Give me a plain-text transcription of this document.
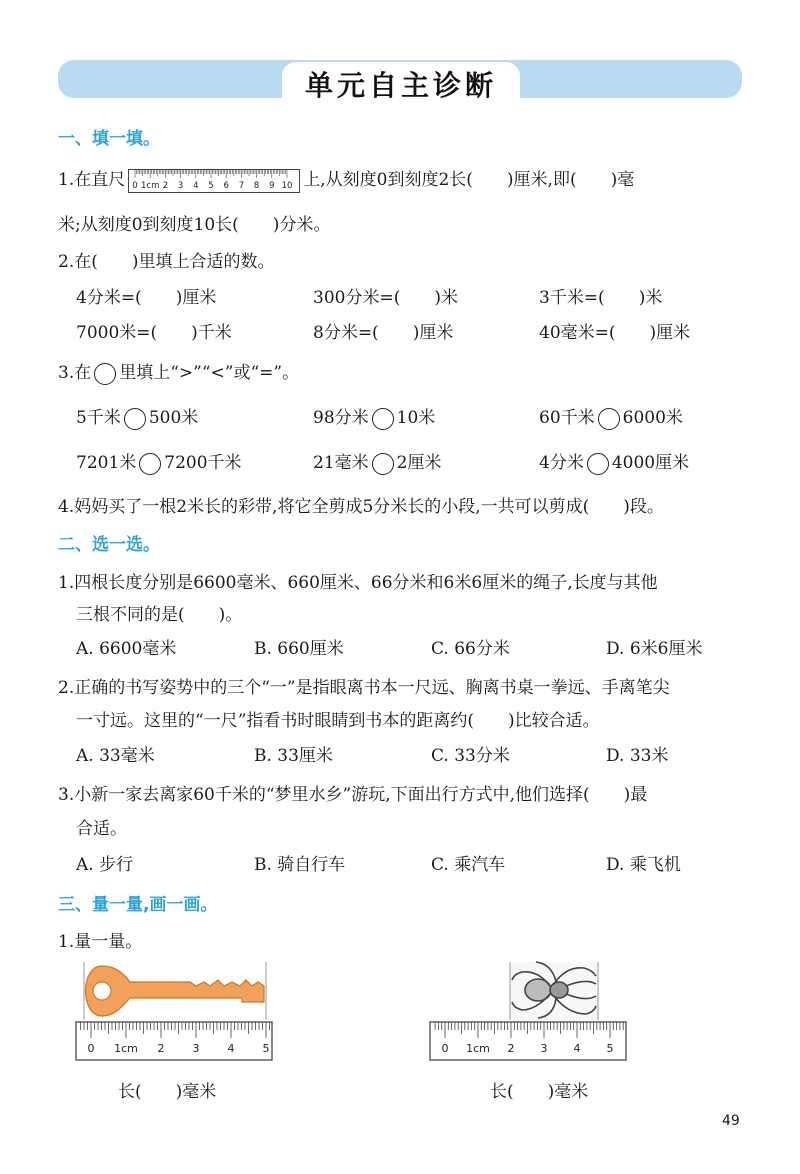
单元自主诊断
一、填一填。
1.在直尺 0 1cm 2 3 4 5 6 7 8 9 10 上,从刻度0到刻度2长(　　)厘米,即(　　)毫
米;从刻度0到刻度10长(　　)分米。
2.在(　　)里填上合适的数。
4分米=(　　)厘米	300分米=(　　)米	3千米=(　　)米
7000米=(　　)千米	8分米=(　　)厘米	40毫米=(　　)厘米
3.在 里填上“>”“<”或“=”。
5千米 500米	98分米 10米	60千米 6000米
7201米 7200千米	21毫米 2厘米	4分米 4000厘米
4.妈妈买了一根2米长的彩带,将它全剪成5分米长的小段,一共可以剪成(　　)段。
二、选一选。
1.四根长度分别是6600毫米、660厘米、66分米和6米6厘米的绳子,长度与其他
三根不同的是(　　)。
A. 6600毫米	B. 660厘米	C. 66分米	D. 6米6厘米
2.正确的书写姿势中的三个“一”是指眼离书本一尺远、胸离书桌一拳远、手离笔尖
一寸远。这里的“一尺”指看书时眼睛到书本的距离约(　　)比较合适。
A. 33毫米	B. 33厘米	C. 33分米	D. 33米
3.小新一家去离家60千米的“梦里水乡”游玩,下面出行方式中,他们选择(　　)最
合适。
A. 步行	B. 骑自行车	C. 乘汽车	D. 乘飞机
三、量一量,画一画。
1.量一量。
0 1cm 2	3	4	5
长(　　)毫米
0 1cm 2 3 4 5
长(　　)毫米
49
